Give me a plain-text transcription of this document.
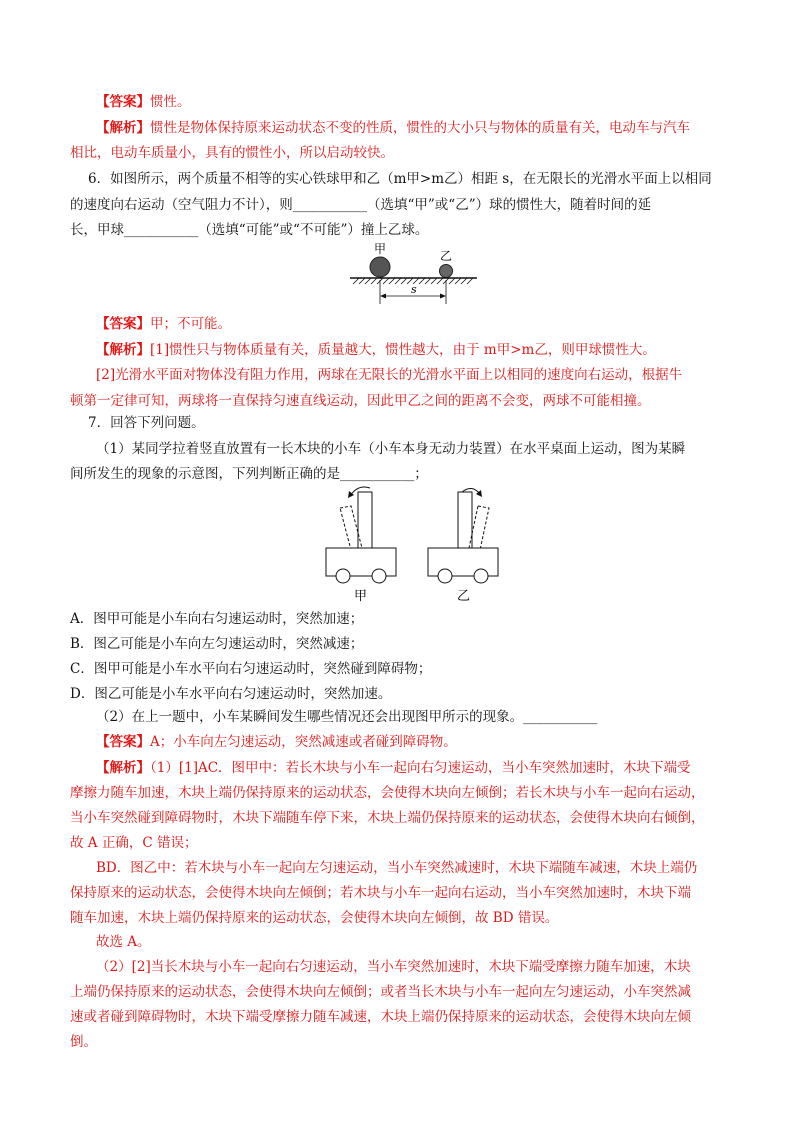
【答案】惯性。
【解析】惯性是物体保持原来运动状态不变的性质，惯性的大小只与物体的质量有关，电动车与汽车
相比，电动车质量小，具有的惯性小，所以启动较快。
6．如图所示，两个质量不相等的实心铁球甲和乙（m甲>m乙）相距 s，在无限长的光滑水平面上以相同
的速度向右运动（空气阻力不计），则___________（选填“甲”或“乙”）球的惯性大，随着时间的延
长，甲球___________（选填“可能”或“不可能”）撞上乙球。
甲	乙
s
【答案】甲；不可能。
【解析】[1]惯性只与物体质量有关，质量越大，惯性越大，由于 m甲>m乙，则甲球惯性大。
[2]光滑水平面对物体没有阻力作用，两球在无限长的光滑水平面上以相同的速度向右运动，根据牛
顿第一定律可知，两球将一直保持匀速直线运动，因此甲乙之间的距离不会变，两球不可能相撞。
7．回答下列问题。
（1）某同学拉着竖直放置有一长木块的小车（小车本身无动力装置）在水平桌面上运动，图为某瞬
间所发生的现象的示意图，下列判断正确的是___________；
甲	乙
A．图甲可能是小车向右匀速运动时，突然加速；
B．图乙可能是小车向左匀速运动时，突然减速；
C．图甲可能是小车水平向右匀速运动时，突然碰到障碍物；
D．图乙可能是小车水平向右匀速运动时，突然加速。
（2）在上一题中，小车某瞬间发生哪些情况还会出现图甲所示的现象。___________
【答案】A；小车向左匀速运动，突然减速或者碰到障碍物。
【解析】（1）[1]AC．图甲中：若长木块与小车一起向右匀速运动，当小车突然加速时，木块下端受
摩擦力随车加速，木块上端仍保持原来的运动状态，会使得木块向左倾倒；若长木块与小车一起向右运动，
当小车突然碰到障碍物时，木块下端随车停下来，木块上端仍保持原来的运动状态，会使得木块向右倾倒，
故 A 正确，C 错误；
BD．图乙中：若木块与小车一起向左匀速运动，当小车突然减速时，木块下端随车减速，木块上端仍
保持原来的运动状态，会使得木块向左倾倒；若木块与小车一起向右运动，当小车突然加速时，木块下端
随车加速，木块上端仍保持原来的运动状态，会使得木块向左倾倒，故 BD 错误。
故选 A。
（2）[2]当长木块与小车一起向右匀速运动，当小车突然加速时，木块下端受摩擦力随车加速，木块
上端仍保持原来的运动状态，会使得木块向左倾倒；或者当长木块与小车一起向左匀速运动，小车突然减
速或者碰到障碍物时，木块下端受摩擦力随车减速，木块上端仍保持原来的运动状态，会使得木块向左倾
倒。
